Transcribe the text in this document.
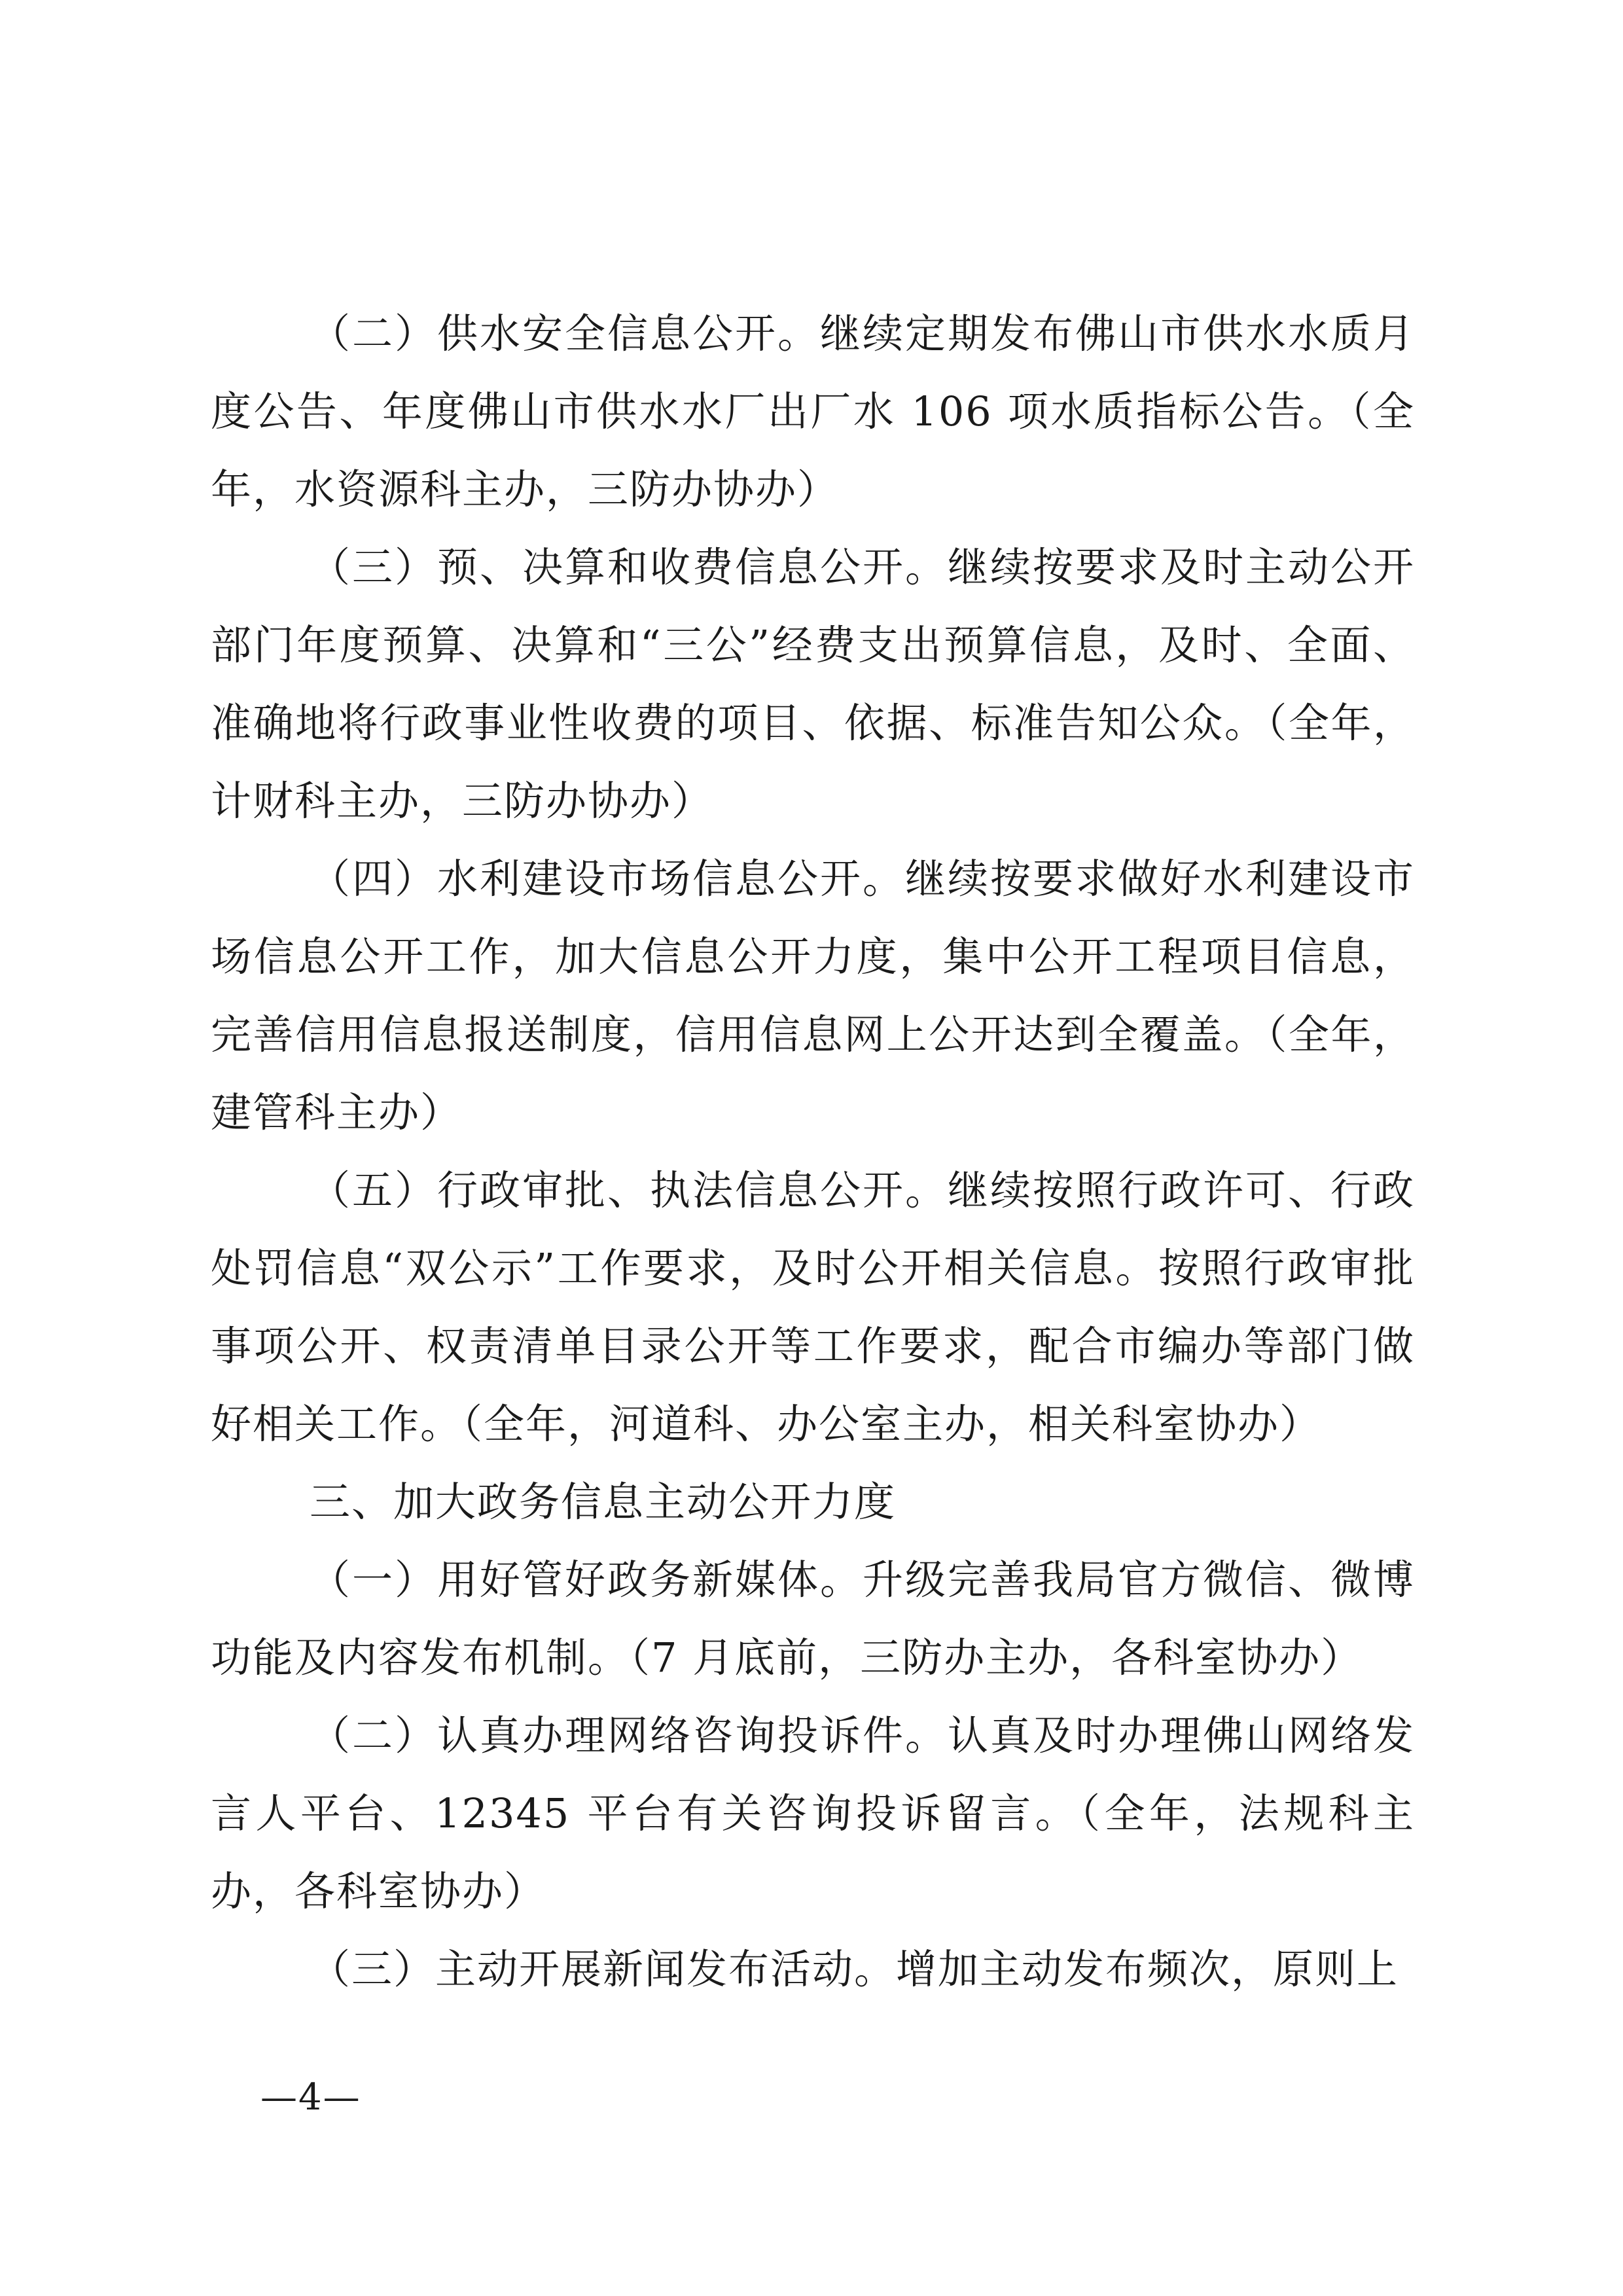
（二）供水安全信息公开。继续定期发布佛山市供水水质月度公告、年度佛山市供水水厂出厂水 106 项水质指标公告。（全年，水资源科主办，三防办协办）

（三）预、决算和收费信息公开。继续按要求及时主动公开部门年度预算、决算和“三公”经费支出预算信息，及时、全面、准确地将行政事业性收费的项目、依据、标准告知公众。（全年，计财科主办，三防办协办）

（四）水利建设市场信息公开。继续按要求做好水利建设市场信息公开工作，加大信息公开力度，集中公开工程项目信息，完善信用信息报送制度，信用信息网上公开达到全覆盖。（全年，建管科主办）

（五）行政审批、执法信息公开。继续按照行政许可、行政处罚信息“双公示”工作要求，及时公开相关信息。按照行政审批事项公开、权责清单目录公开等工作要求，配合市编办等部门做好相关工作。（全年，河道科、办公室主办，相关科室协办）

三、加大政务信息主动公开力度

（一）用好管好政务新媒体。升级完善我局官方微信、微博功能及内容发布机制。（7 月底前，三防办主办，各科室协办）

（二）认真办理网络咨询投诉件。认真及时办理佛山网络发言人平台、12345 平台有关咨询投诉留言。（全年，法规科主办，各科室协办）

（三）主动开展新闻发布活动。增加主动发布频次，原则上

—4—
